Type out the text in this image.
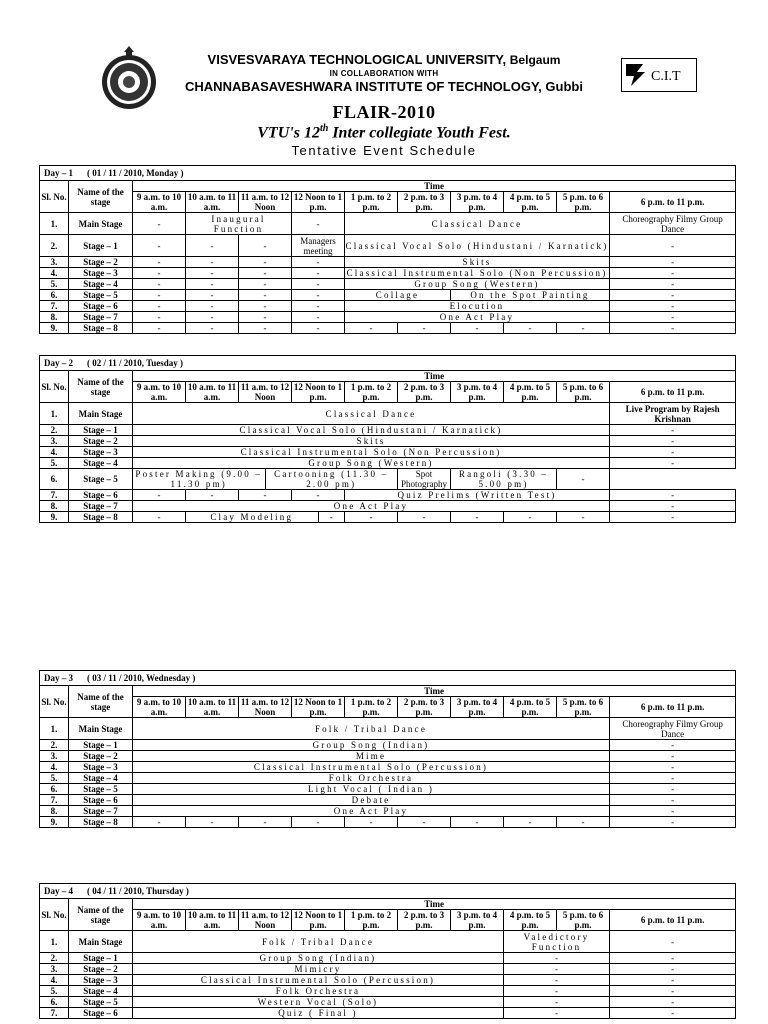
VISVESVARAYA TECHNOLOGICAL UNIVERSITY, Belgaum
IN COLLABORATION WITH
CHANNABASAVESHWARA INSTITUTE OF TECHNOLOGY, Gubbi
C.I.T
FLAIR-2010
VTU's 12th Inter collegiate Youth Fest.
Tentative Event Schedule
Day – 1 ( 01 / 11 / 2010, Monday )											
Sl. No.	Name of the stage	Time									
		9 a.m. to 10 a.m.	10 a.m. to 11 a.m.	11 a.m. to 12 Noon	12 Noon to 1 p.m.	1 p.m. to 2 p.m.	2 p.m. to 3 p.m.	3 p.m. to 4 p.m.	4 p.m. to 5 p.m.	5 p.m. to 6 p.m.	6 p.m. to 11 p.m.
1.	Main Stage	-	Inaugural Function		-	Classical Dance					Choreography Filmy Group Dance
2.	Stage – 1	-	-	-	Managers meeting	Classical Vocal Solo (Hindustani / Karnatick)					-
3.	Stage – 2	-	-	-	-	Skits					-
4.	Stage – 3	-	-	-	-	Classical Instrumental Solo (Non Percussion)					-
5.	Stage – 4	-	-	-	-	Group Song (Western)					-
6.	Stage – 5	-	-	-	-	Collage		On the Spot Painting			-
7.	Stage – 6	-	-	-	-	Elocution					-
8.	Stage – 7	-	-	-	-	One Act Play					-
9.	Stage – 8	-	-	-	-	-	-	-	-	-	-
Day – 2 ( 02 / 11 / 2010, Tuesday )													
Sl. No.	Name of the stage	Time											
		9 a.m. to 10 a.m.	10 a.m. to 11 a.m.	11 a.m. to 12 Noon		12 Noon to 1 p.m.		1 p.m. to 2 p.m.	2 p.m. to 3 p.m.	3 p.m. to 4 p.m.	4 p.m. to 5 p.m.	5 p.m. to 6 p.m.	6 p.m. to 11 p.m.
1.	Main Stage	Classical Dance											Live Program by Rajesh Krishnan
2.	Stage – 1	Classical Vocal Solo (Hindustani / Karnatick)											-
3.	Stage – 2	Skits											-
4.	Stage – 3	Classical Instrumental Solo (Non Percussion)											-
5.	Stage – 4	Group Song (Western)											-
6.	Stage – 5	Poster Making (9.00 – 11.30 pm)			Cartooning (11.30 – 2.00 pm)				Spot Photography	Rangoli (3.30 – 5.00 pm)		-	
7.	Stage – 6	-	-	-		-		Quiz Prelims (Written Test)					-
8.	Stage – 7	One Act Play											-
9.	Stage – 8	-	Clay Modeling				-	-	-	-	-	-	-
Day – 3 ( 03 / 11 / 2010, Wednesday )											
Sl. No.	Name of the stage	Time									
		9 a.m. to 10 a.m.	10 a.m. to 11 a.m.	11 a.m. to 12 Noon	12 Noon to 1 p.m.	1 p.m. to 2 p.m.	2 p.m. to 3 p.m.	3 p.m. to 4 p.m.	4 p.m. to 5 p.m.	5 p.m. to 6 p.m.	6 p.m. to 11 p.m.
1.	Main Stage	Folk / Tribal Dance									Choreography Filmy Group Dance
2.	Stage – 1	Group Song (Indian)									-
3.	Stage – 2	Mime									-
4.	Stage – 3	Classical Instrumental Solo (Percussion)									-
5.	Stage – 4	Folk Orchestra									-
6.	Stage – 5	Light Vocal ( Indian )									-
7.	Stage – 6	Debate									-
8.	Stage – 7	One Act Play									-
9.	Stage – 8	-	-	-	-	-	-	-	-	-	-
Day – 4 ( 04 / 11 / 2010, Thursday )											
Sl. No.	Name of the stage	Time									
		9 a.m. to 10 a.m.	10 a.m. to 11 a.m.	11 a.m. to 12 Noon	12 Noon to 1 p.m.	1 p.m. to 2 p.m.	2 p.m. to 3 p.m.	3 p.m. to 4 p.m.	4 p.m. to 5 p.m.	5 p.m. to 6 p.m.	6 p.m. to 11 p.m.
1.	Main Stage	Folk / Tribal Dance							Valedictory Function		-
2.	Stage – 1	Group Song (Indian)							-		-
3.	Stage – 2	Mimicry							-		-
4.	Stage – 3	Classical Instrumental Solo (Percussion)							-		-
5.	Stage – 4	Folk Orchestra							-		-
6.	Stage – 5	Western Vocal (Solo)							-		-
7.	Stage – 6	Quiz ( Final )							-		-
